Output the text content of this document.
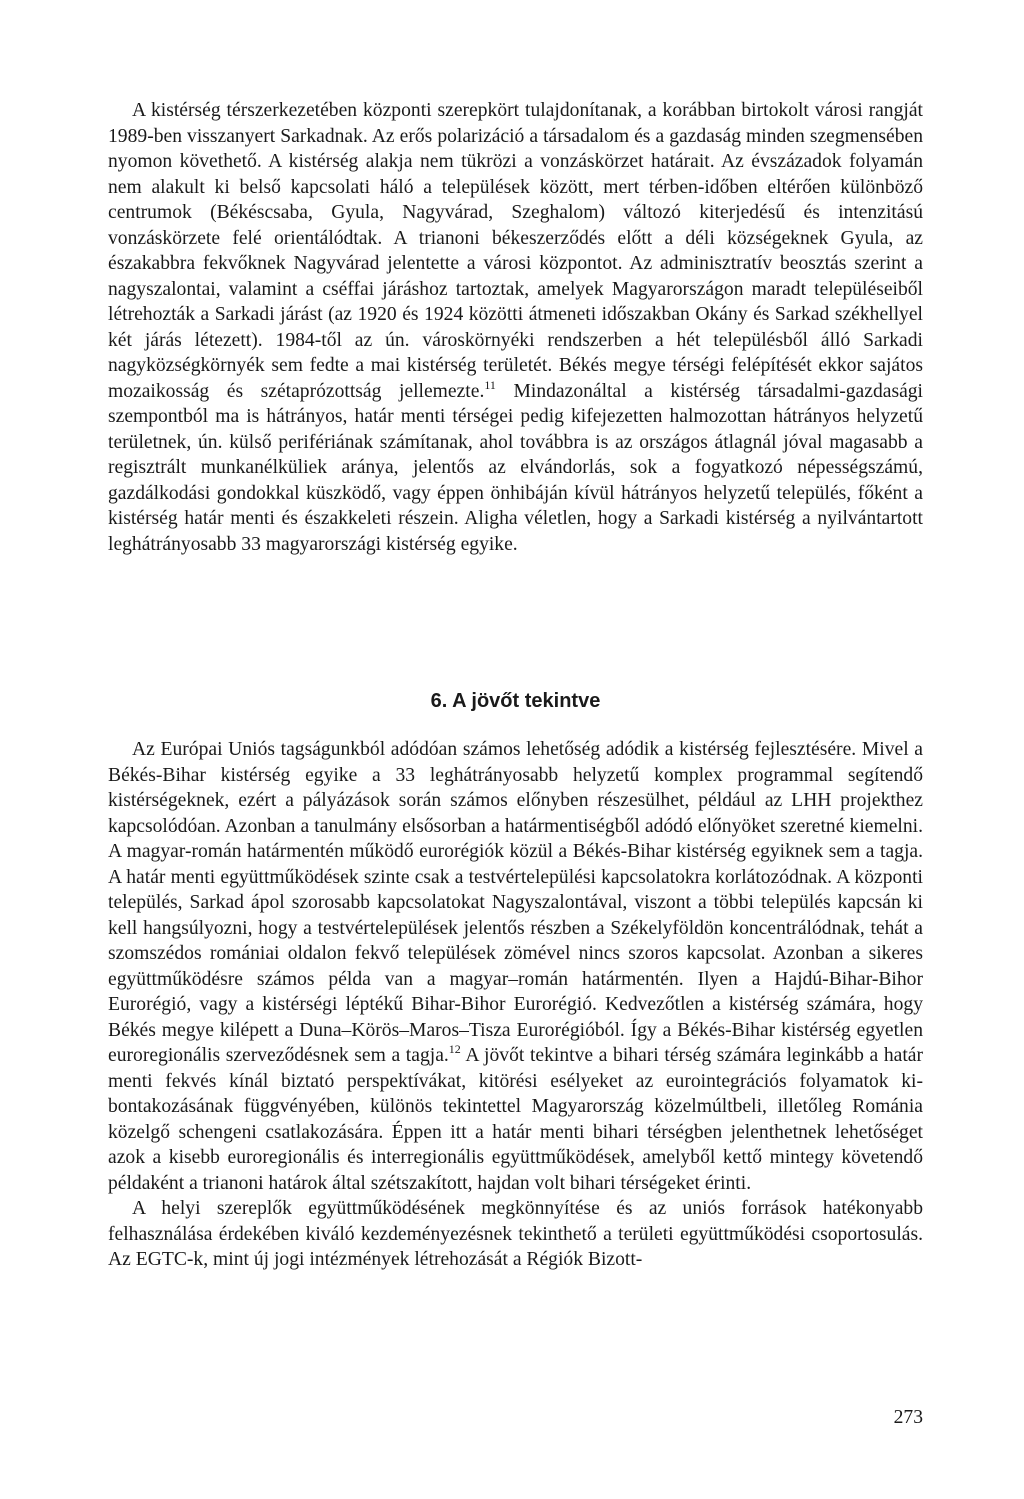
A kistérség térszerkezetében központi szerepkört tulajdonítanak, a korábban birtokolt városi rangját 1989-ben visszanyert Sarkadnak. Az erős polarizáció a társadalom és a gazdaság minden szegmensében nyomon követhető. A kistérség alakja nem tükrözi a vonzáskörzet határait. Az évszázadok folyamán nem alakult ki belső kapcsolati háló a települések között, mert térben-időben eltérően különböző centrumok (Békéscsaba, Gyula, Nagyvárad, Szeghalom) változó kiterjedésű és intenzitású vonzáskörzete felé orientálódtak. A trianoni békeszerződés előtt a déli községeknek Gyula, az északabbra fekvőknek Nagyvárad jelentette a városi központot. Az adminisztratív beosztás szerint a nagyszalontai, valamint a cséffai járáshoz tartoztak, amelyek Magyarországon maradt településeiből létrehozták a Sarkadi járást (az 1920 és 1924 közötti átmeneti időszakban Okány és Sarkad székhellyel két járás létezett). 1984-től az ún. városkörnyéki rendszerben a hét településből álló Sarkadi nagyközségkörnyék sem fedte a mai kistérség területét. Békés megye térségi felépítését ekkor sajátos mozaikosság és szétaprózottság jellemezte.$^{11}$ Mindazonáltal a kistérség társadalmi-gazdasági szempontból ma is hátrányos, határ menti térségei pedig kifejezetten halmozottan hátrányos helyzetű területnek, ún. külső perifériának számítanak, ahol továbbra is az országos átlagnál jóval magasabb a regisztrált munkanélküliek aránya, jelentős az elvándorlás, sok a fogyatkozó népességszámú, gazdálkodási gondokkal küszködő, vagy éppen önhibáján kívül hátrányos helyzetű település, főként a kistérség határ menti és északkeleti részein. Aligha véletlen, hogy a Sarkadi kistérség a nyilvántartott leghátrányosabb 33 magyarországi kistérség egyike.

6. A jövőt tekintve

Az Európai Uniós tagságunkból adódóan számos lehetőség adódik a kistérség fejlesztésére. Mivel a Békés-Bihar kistérség egyike a 33 leghátrányosabb helyzetű komplex programmal segítendő kistérségeknek, ezért a pályázások során számos előnyben részesülhet, például az LHH projekthez kapcsolódóan. Azonban a tanulmány elsősorban a határmentiségből adódó előnyöket szeretné kiemelni. A magyar-román határmentén működő eurorégiók közül a Békés-Bihar kistérség egyiknek sem a tagja. A határ menti együttműködések szinte csak a testvértelepülési kapcsolatokra korlátozódnak. A központi település, Sarkad ápol szorosabb kapcsolatokat Nagyszalontával, viszont a többi település kapcsán ki kell hangsúlyozni, hogy a testvértelepülések jelentős részben a Székelyföldön koncentrálódnak, tehát a szomszédos romániai oldalon fekvő települések zömével nincs szoros kapcsolat. Azonban a sikeres együttműködésre számos példa van a magyar–román határmentén. Ilyen a Hajdú-Bihar-Bihor Eurorégió, vagy a kistérségi léptékű Bihar-Bihor Eurorégió. Kedvezőtlen a kistérség számára, hogy Békés megye kilépett a Duna–Körös–Maros–Tisza Eurorégióból. Így a Békés-Bihar kistérség egyetlen euroregionális szerveződésnek sem a tagja.$^{12}$ A jövőt tekintve a bihari térség számára leginkább a határ menti fekvés kínál biztató perspektívákat, kitörési esélyeket az eurointegrációs folyamatok kibontakozásának függvényében, különös tekintettel Magyarország közelmúltbeli, illetőleg Románia közelgő schengeni csatlakozására. Éppen itt a határ menti bihari térségben jelenthetnek lehetőséget azok a kisebb euroregionális és interregionális együttműködések, amelyből kettő mintegy követendő példaként a trianoni határok által szétszakított, hajdan volt bihari térségeket érinti.

A helyi szereplők együttműködésének megkönnyítése és az uniós források hatékonyabb felhasználása érdekében kiváló kezdeményezésnek tekinthető a területi együttműködési csoportosulás. Az EGTC-k, mint új jogi intézmények létrehozását a Régiók Bizott-

273
